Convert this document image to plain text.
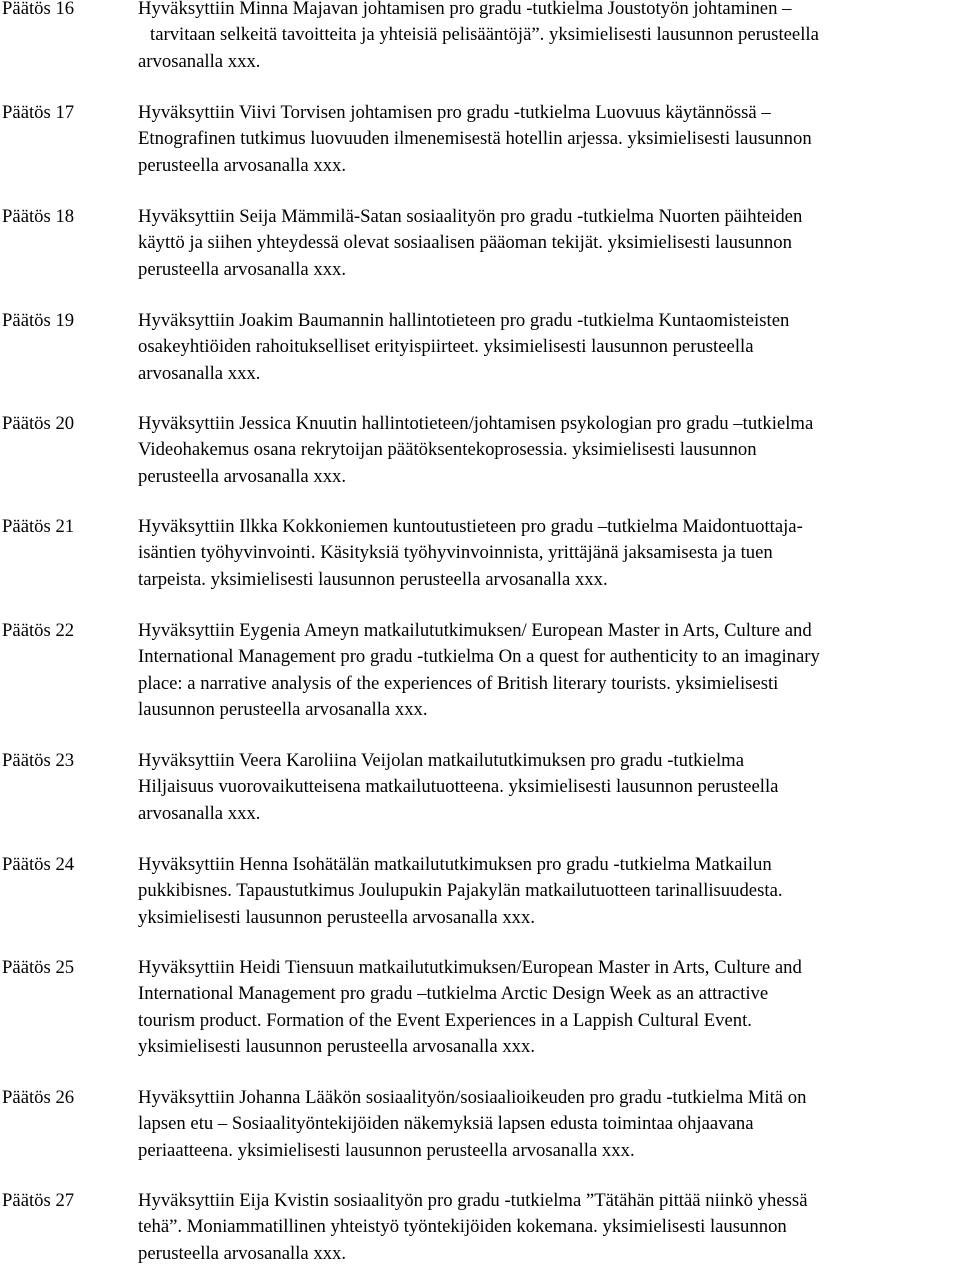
Päätös 16	Hyväksyttiin Minna Majavan johtamisen pro gradu -tutkielma Joustotyön johtaminen –
tarvitaan selkeitä tavoitteita ja yhteisiä pelisääntöjä”. yksimielisesti lausunnon perusteella
arvosanalla xxx.
Päätös 17	Hyväksyttiin Viivi Torvisen johtamisen pro gradu -tutkielma Luovuus käytännössä –
Etnografinen tutkimus luovuuden ilmenemisestä hotellin arjessa. yksimielisesti lausunnon
perusteella arvosanalla xxx.
Päätös 18	Hyväksyttiin Seija Mämmilä-Satan sosiaalityön pro gradu -tutkielma Nuorten päihteiden
käyttö ja siihen yhteydessä olevat sosiaalisen pääoman tekijät. yksimielisesti lausunnon
perusteella arvosanalla xxx.
Päätös 19	Hyväksyttiin Joakim Baumannin hallintotieteen pro gradu -tutkielma Kuntaomisteisten
osakeyhtiöiden rahoitukselliset erityispiirteet. yksimielisesti lausunnon perusteella
arvosanalla xxx.
Päätös 20	Hyväksyttiin Jessica Knuutin hallintotieteen/johtamisen psykologian pro gradu –tutkielma
Videohakemus osana rekrytoijan päätöksentekoprosessia. yksimielisesti lausunnon
perusteella arvosanalla xxx.
Päätös 21	Hyväksyttiin Ilkka Kokkoniemen kuntoutustieteen pro gradu –tutkielma Maidontuottaja-
isäntien työhyvinvointi. Käsityksiä työhyvinvoinnista, yrittäjänä jaksamisesta ja tuen
tarpeista. yksimielisesti lausunnon perusteella arvosanalla xxx.
Päätös 22	Hyväksyttiin Eygenia Ameyn matkailututkimuksen/ European Master in Arts, Culture and
International Management pro gradu -tutkielma On a quest for authenticity to an imaginary
place: a narrative analysis of the experiences of British literary tourists. yksimielisesti
lausunnon perusteella arvosanalla xxx.
Päätös 23	Hyväksyttiin Veera Karoliina Veijolan matkailututkimuksen pro gradu -tutkielma
Hiljaisuus vuorovaikutteisena matkailutuotteena. yksimielisesti lausunnon perusteella
arvosanalla xxx.
Päätös 24	Hyväksyttiin Henna Isohätälän matkailututkimuksen pro gradu -tutkielma Matkailun
pukkibisnes. Tapaustutkimus Joulupukin Pajakylän matkailutuotteen tarinallisuudesta.
yksimielisesti lausunnon perusteella arvosanalla xxx.
Päätös 25	Hyväksyttiin Heidi Tiensuun matkailututkimuksen/European Master in Arts, Culture and
International Management pro gradu –tutkielma Arctic Design Week as an attractive
tourism product. Formation of the Event Experiences in a Lappish Cultural Event.
yksimielisesti lausunnon perusteella arvosanalla xxx.
Päätös 26	Hyväksyttiin Johanna Lääkön sosiaalityön/sosiaalioikeuden pro gradu -tutkielma Mitä on
lapsen etu – Sosiaalityöntekijöiden näkemyksiä lapsen edusta toimintaa ohjaavana
periaatteena. yksimielisesti lausunnon perusteella arvosanalla xxx.
Päätös 27	Hyväksyttiin Eija Kvistin sosiaalityön pro gradu -tutkielma ”Tätähän pittää niinkö yhessä
tehä”. Moniammatillinen yhteistyö työntekijöiden kokemana. yksimielisesti lausunnon
perusteella arvosanalla xxx.
